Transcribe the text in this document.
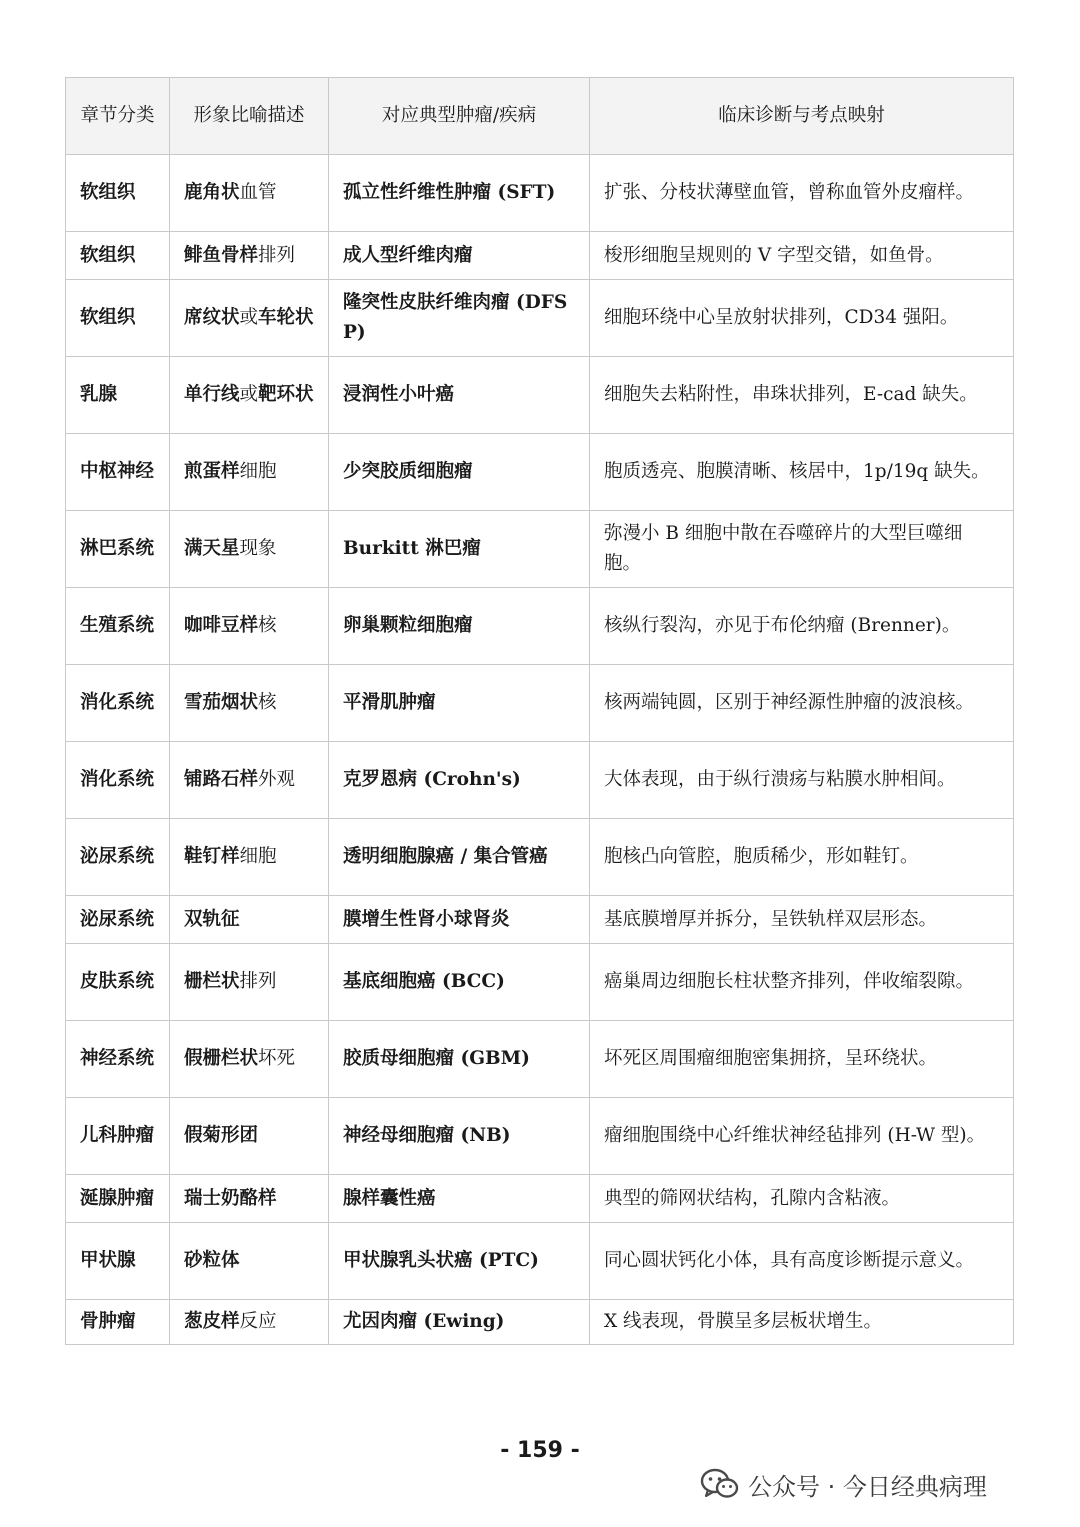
章节分类	形象比喻描述	对应典型肿瘤/疾病	临床诊断与考点映射
软组织	鹿角状血管	孤立性纤维性肿瘤 (SFT)	扩张、分枝状薄壁血管，曾称血管外皮瘤样。
软组织	鲱鱼骨样排列	成人型纤维肉瘤	梭形细胞呈规则的 V 字型交错，如鱼骨。
软组织	席纹状或车轮状	隆突性皮肤纤维肉瘤 (DFSP)	细胞环绕中心呈放射状排列，CD34 强阳。
乳腺	单行线或靶环状	浸润性小叶癌	细胞失去粘附性，串珠状排列，E-cad 缺失。
中枢神经	煎蛋样细胞	少突胶质细胞瘤	胞质透亮、胞膜清晰、核居中，1p/19q 缺失。
淋巴系统	满天星现象	Burkitt 淋巴瘤	弥漫小 B 细胞中散在吞噬碎片的大型巨噬细胞。
生殖系统	咖啡豆样核	卵巢颗粒细胞瘤	核纵行裂沟，亦见于布伦纳瘤 (Brenner)。
消化系统	雪茄烟状核	平滑肌肿瘤	核两端钝圆，区别于神经源性肿瘤的波浪核。
消化系统	铺路石样外观	克罗恩病 (Crohn's)	大体表现，由于纵行溃疡与粘膜水肿相间。
泌尿系统	鞋钉样细胞	透明细胞腺癌 / 集合管癌	胞核凸向管腔，胞质稀少，形如鞋钉。
泌尿系统	双轨征	膜增生性肾小球肾炎	基底膜增厚并拆分，呈铁轨样双层形态。
皮肤系统	栅栏状排列	基底细胞癌 (BCC)	癌巢周边细胞长柱状整齐排列，伴收缩裂隙。
神经系统	假栅栏状坏死	胶质母细胞瘤 (GBM)	坏死区周围瘤细胞密集拥挤，呈环绕状。
儿科肿瘤	假菊形团	神经母细胞瘤 (NB)	瘤细胞围绕中心纤维状神经毡排列 (H-W 型)。
涎腺肿瘤	瑞士奶酪样	腺样囊性癌	典型的筛网状结构，孔隙内含粘液。
甲状腺	砂粒体	甲状腺乳头状癌 (PTC)	同心圆状钙化小体，具有高度诊断提示意义。
骨肿瘤	葱皮样反应	尤因肉瘤 (Ewing)	X 线表现，骨膜呈多层板状增生。
- 159 -
公众号 · 今日经典病理
